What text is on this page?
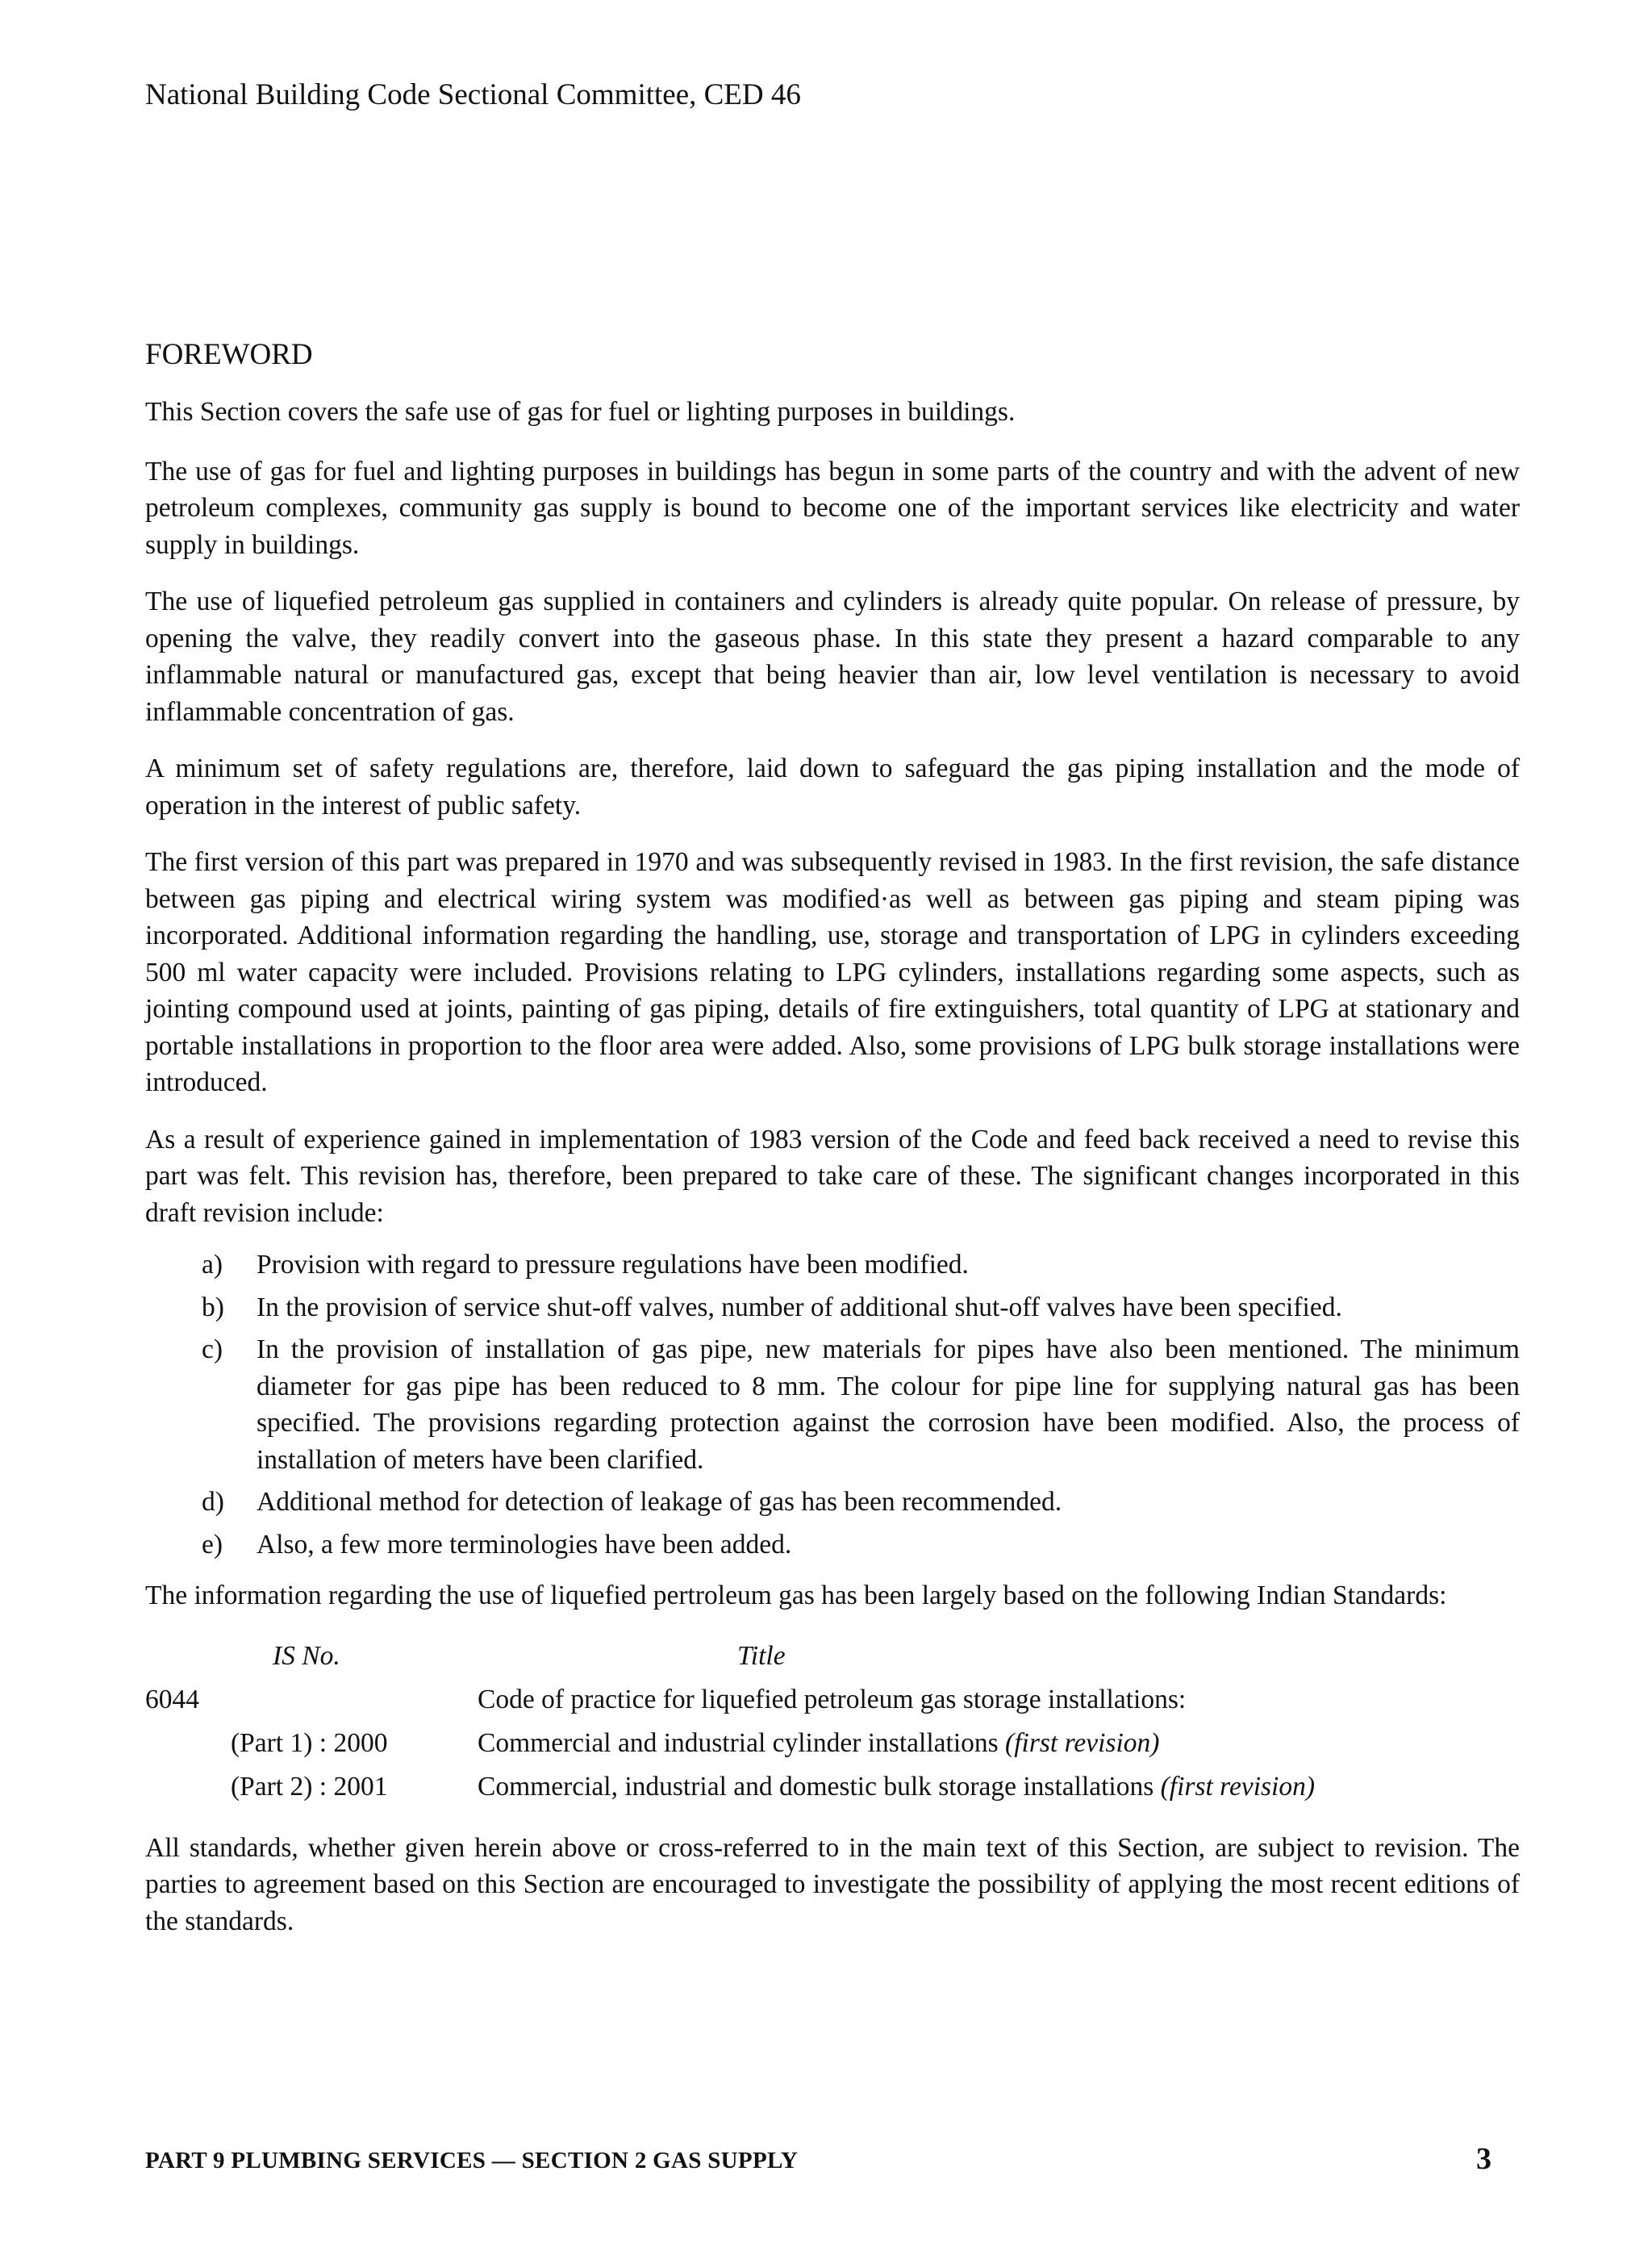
National Building Code Sectional Committee, CED 46
FOREWORD

This Section covers the safe use of gas for fuel or lighting purposes in buildings.

The use of gas for fuel and lighting purposes in buildings has begun in some parts of the country and with the advent of new petroleum complexes, community gas supply is bound to become one of the important services like electricity and water supply in buildings.

The use of liquefied petroleum gas supplied in containers and cylinders is already quite popular. On release of pressure, by opening the valve, they readily convert into the gaseous phase. In this state they present a hazard comparable to any inflammable natural or manufactured gas, except that being heavier than air, low level ventilation is necessary to avoid inflammable concentration of gas.

A minimum set of safety regulations are, therefore, laid down to safeguard the gas piping installation and the mode of operation in the interest of public safety.

The first version of this part was prepared in 1970 and was subsequently revised in 1983. In the first revision, the safe distance between gas piping and electrical wiring system was modified·as well as between gas piping and steam piping was incorporated. Additional information regarding the handling, use, storage and transportation of LPG in cylinders exceeding 500 ml water capacity were included. Provisions relating to LPG cylinders, installations regarding some aspects, such as jointing compound used at joints, painting of gas piping, details of fire extinguishers, total quantity of LPG at stationary and portable installations in proportion to the floor area were added. Also, some provisions of LPG bulk storage installations were introduced.

As a result of experience gained in implementation of 1983 version of the Code and feed back received a need to revise this part was felt. This revision has, therefore, been prepared to take care of these. The significant changes incorporated in this draft revision include:

a) Provision with regard to pressure regulations have been modified.
b) In the provision of service shut-off valves, number of additional shut-off valves have been specified.
c) In the provision of installation of gas pipe, new materials for pipes have also been mentioned. The minimum diameter for gas pipe has been reduced to 8 mm. The colour for pipe line for supplying natural gas has been specified. The provisions regarding protection against the corrosion have been modified. Also, the process of installation of meters have been clarified.
d) Additional method for detection of leakage of gas has been recommended.
e) Also, a few more terminologies have been added.

The information regarding the use of liquefied pertroleum gas has been largely based on the following Indian Standards:

IS No.	Title
6044	Code of practice for liquefied petroleum gas storage installations:
(Part 1) : 2000	Commercial and industrial cylinder installations (first revision)
(Part 2) : 2001	Commercial, industrial and domestic bulk storage installations (first revision)

All standards, whether given herein above or cross-referred to in the main text of this Section, are subject to revision. The parties to agreement based on this Section are encouraged to investigate the possibility of applying the most recent editions of the standards.

PART 9 PLUMBING SERVICES — SECTION 2 GAS SUPPLY	3
